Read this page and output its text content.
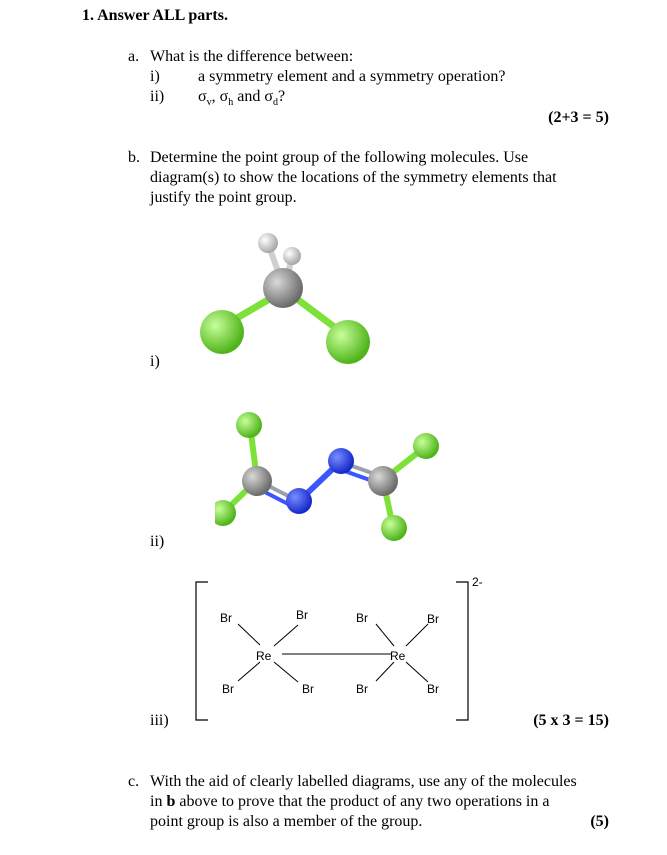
1. Answer ALL parts.
a. What is the difference between:
i) a symmetry element and a symmetry operation?
ii) $\sigma_v$, $\sigma_h$ and $\sigma_d$?
(2+3 = 5)
b. Determine the point group of the following molecules. Use
diagram(s) to show the locations of the symmetry elements that
justify the point group.
i)
ii)
2-
Br	Br	Br	Br
Re	Re
Br	Br	Br	Br
iii)	(5 x 3 = 15)
c. With the aid of clearly labelled diagrams, use any of the molecules
in b above to prove that the product of any two operations in a
point group is also a member of the group.	(5)
